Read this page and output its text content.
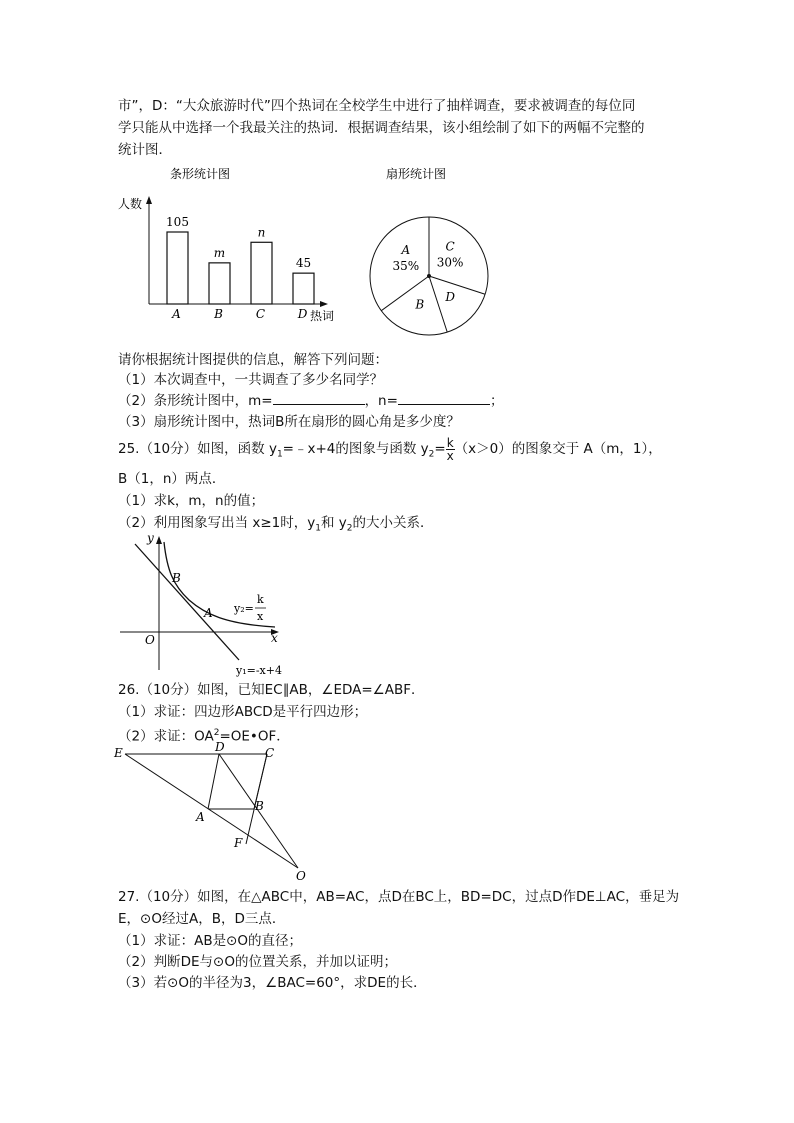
市”，D：“大众旅游时代”四个热词在全校学生中进行了抽样调查，要求被调查的每位同
学只能从中选择一个我最关注的热词．根据调查结果，该小组绘制了如下的两幅不完整的
统计图．
条形统计图
人数
热词
105
A
m
B
n
C
45
D
扇形统计图
A
35%
C
30%
D
B
请你根据统计图提供的信息，解答下列问题：
（1）本次调查中，一共调查了多少名同学？
（2）条形统计图中，m=	，n=	；
（3）扇形统计图中，热词B所在扇形的圆心角是多少度？
25.（10分）如图，函数 $y_1=﹣x+4$的图象与函数 $y_2= \frac{k}{x} (x>0)$的图象交于 A（m，1），
B（1，n）两点．
（1）求k，m，n的值；
（2）利用图象写出当 x≥1时，$y_1$和 $y_2$的大小关系．
y
x
O
B
A y₂=
k
x
y₁=-x+4
26.（10分）如图，已知EC∥AB，∠EDA=∠ABF．
（1）求证：四边形ABCD是平行四边形；
（2）求证：$OA^2=OE•OF$．
E	D	C
A
B
F
O
27.（10分）如图，在△ABC中，AB=AC，点D在BC上，BD=DC，过点D作DE⊥AC，垂足为
E，⊙O经过A，B，D三点．
（1）求证：AB是⊙O的直径；
（2）判断DE与⊙O的位置关系，并加以证明；
（3）若⊙O的半径为3，∠BAC=60°，求DE的长．
